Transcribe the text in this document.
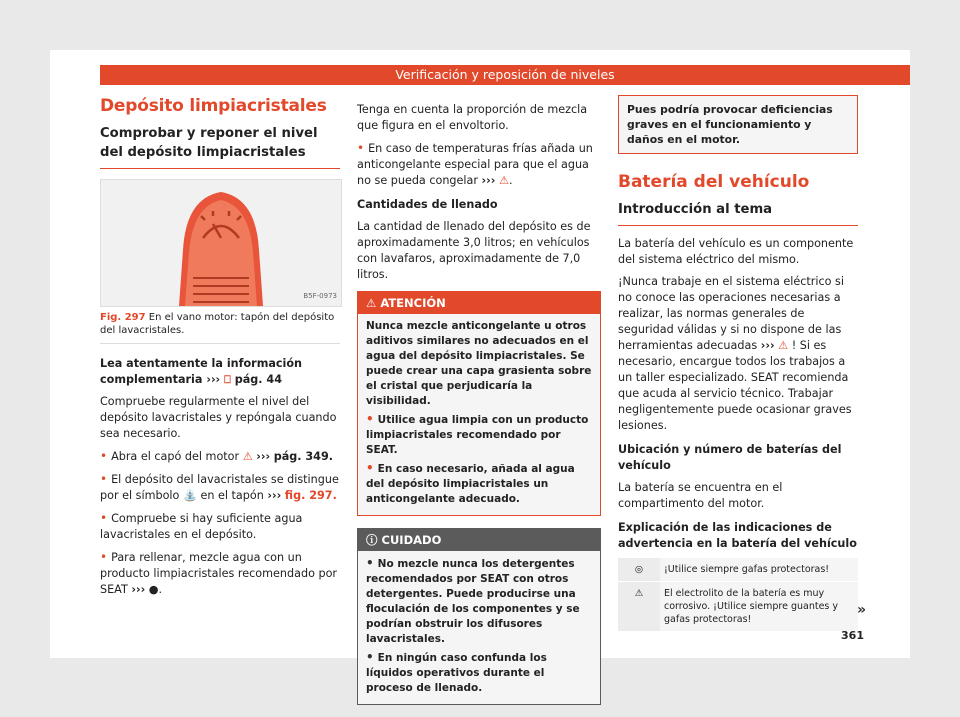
Verificación y reposición de niveles
Depósito limpiacristales
Comprobar y reponer el nivel del depósito limpiacristales
B5F-0973
Fig. 297 En el vano motor: tapón del depósito del lavacristales.

Lea atentamente la información complementaria ››› ⎕ pág. 44

Compruebe regularmente el nivel del depósito lavacristales y repóngala cuando sea necesario.

• Abra el capó del motor ⚠ ››› pág. 349.

• El depósito del lavacristales se distingue por el símbolo ⛲ en el tapón ››› fig. 297.

• Compruebe si hay suficiente agua lavacristales en el depósito.

• Para rellenar, mezcle agua con un producto limpiacristales recomendado por SEAT ››› ●.

Tenga en cuenta la proporción de mezcla que figura en el envoltorio.

• En caso de temperaturas frías añada un anticongelante especial para que el agua no se pueda congelar ››› ⚠.

Cantidades de llenado

La cantidad de llenado del depósito es de aproximadamente 3,0 litros; en vehículos con lavafaros, aproximadamente de 7,0 litros.

⚠ ATENCIÓN

Nunca mezcle anticongelante u otros aditivos similares no adecuados en el agua del depósito limpiacristales. Se puede crear una capa grasienta sobre el cristal que perjudicaría la visibilidad.

• Utilice agua limpia con un producto limpiacristales recomendado por SEAT.

• En caso necesario, añada al agua del depósito limpiacristales un anticongelante adecuado.

ⓘ CUIDADO

• No mezcle nunca los detergentes recomendados por SEAT con otros detergentes. Puede producirse una floculación de los componentes y se podrían obstruir los difusores lavacristales.

• En ningún caso confunda los líquidos operativos durante el proceso de llenado.

Pues podría provocar deficiencias graves en el funcionamiento y daños en el motor.
Batería del vehículo
Introducción al tema

La batería del vehículo es un componente del sistema eléctrico del mismo.

¡Nunca trabaje en el sistema eléctrico si no conoce las operaciones necesarias a realizar, las normas generales de seguridad válidas y si no dispone de las herramientas adecuadas ››› ⚠ ! Si es necesario, encargue todos los trabajos a un taller especializado. SEAT recomienda que acuda al servicio técnico. Trabajar negligentemente puede ocasionar graves lesiones.

Ubicación y número de baterías del vehículo

La batería se encuentra en el compartimento del motor.

Explicación de las indicaciones de advertencia en la batería del vehículo

◎	¡Utilice siempre gafas protectoras!
⚠	El electrolito de la batería es muy corrosivo. ¡Utilice siempre guantes y gafas protectoras!
»
361
